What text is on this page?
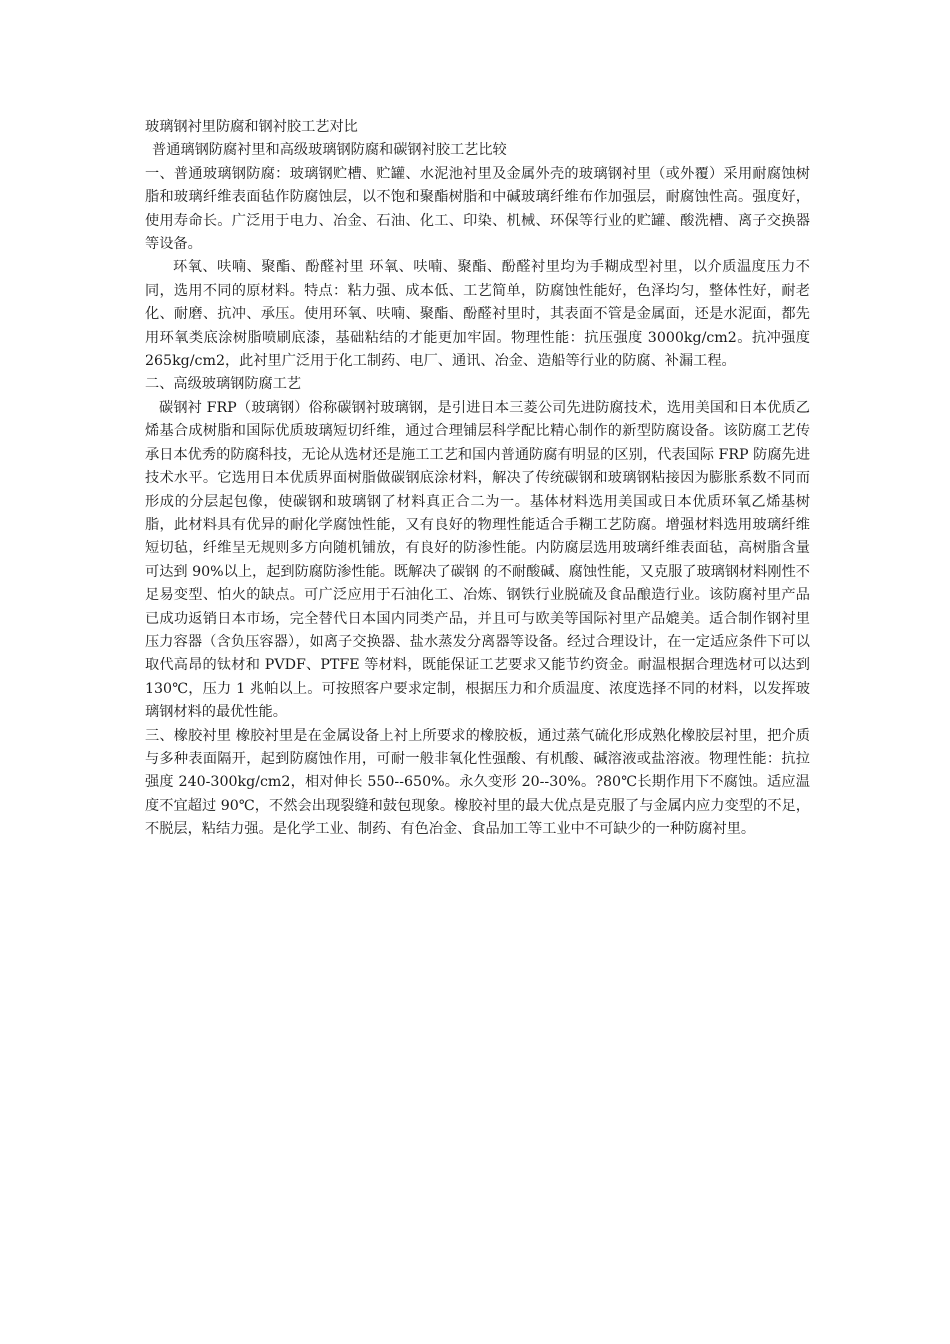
玻璃钢衬里防腐和钢衬胶工艺对比

普通璃钢防腐衬里和高级玻璃钢防腐和碳钢衬胶工艺比较

一、普通玻璃钢防腐：玻璃钢贮槽、贮罐、水泥池衬里及金属外壳的玻璃钢衬里（或外覆）采用耐腐蚀树脂和玻璃纤维表面毡作防腐蚀层，以不饱和聚酯树脂和中碱玻璃纤维布作加强层，耐腐蚀性高。强度好，使用寿命长。广泛用于电力、冶金、石油、化工、印染、机械、环保等行业的贮罐、酸洗槽、离子交换器等设备。

环氧、呋喃、聚酯、酚醛衬里 环氧、呋喃、聚酯、酚醛衬里均为手糊成型衬里，以介质温度压力不同，选用不同的原材料。特点：粘力强、成本低、工艺简单，防腐蚀性能好，色泽均匀，整体性好，耐老化、耐磨、抗冲、承压。使用环氧、呋喃、聚酯、酚醛衬里时，其表面不管是金属面，还是水泥面，都先用环氧类底涂树脂喷刷底漆，基础粘结的才能更加牢固。物理性能：抗压强度 3000kg/cm2。抗冲强度 265kg/cm2，此衬里广泛用于化工制药、电厂、通讯、冶金、造船等行业的防腐、补漏工程。

二、高级玻璃钢防腐工艺

碳钢衬 FRP（玻璃钢）俗称碳钢衬玻璃钢，是引进日本三菱公司先进防腐技术，选用美国和日本优质乙烯基合成树脂和国际优质玻璃短切纤维，通过合理铺层科学配比精心制作的新型防腐设备。该防腐工艺传承日本优秀的防腐科技，无论从选材还是施工工艺和国内普通防腐有明显的区别，代表国际 FRP 防腐先进技术水平。它选用日本优质界面树脂做碳钢底涂材料，解决了传统碳钢和玻璃钢粘接因为膨胀系数不同而形成的分层起包像，使碳钢和玻璃钢了材料真正合二为一。基体材料选用美国或日本优质环氧乙烯基树脂，此材料具有优异的耐化学腐蚀性能，又有良好的物理性能适合手糊工艺防腐。增强材料选用玻璃纤维短切毡，纤维呈无规则多方向随机铺放，有良好的防渗性能。内防腐层选用玻璃纤维表面毡，高树脂含量可达到 90%以上，起到防腐防渗性能。既解决了碳钢 的不耐酸碱、腐蚀性能，又克服了玻璃钢材料刚性不足易变型、怕火的缺点。可广泛应用于石油化工、冶炼、钢铁行业脱硫及食品酿造行业。该防腐衬里产品已成功返销日本市场，完全替代日本国内同类产品，并且可与欧美等国际衬里产品媲美。适合制作钢衬里压力容器（含负压容器），如离子交换器、盐水蒸发分离器等设备。经过合理设计，在一定适应条件下可以取代高昂的钛材和 PVDF、PTFE 等材料，既能保证工艺要求又能节约资金。耐温根据合理选材可以达到 130℃，压力 1 兆帕以上。可按照客户要求定制，根据压力和介质温度、浓度选择不同的材料，以发挥玻璃钢材料的最优性能。

三、橡胶衬里 橡胶衬里是在金属设备上衬上所要求的橡胶板，通过蒸气硫化形成熟化橡胶层衬里，把介质与多种表面隔开，起到防腐蚀作用，可耐一般非氧化性强酸、有机酸、碱溶液或盐溶液。物理性能：抗拉强度 240-300kg/cm2，相对伸长 550--650%。永久变形 20--30%。?80℃长期作用下不腐蚀。适应温度不宜超过 90℃，不然会出现裂缝和鼓包现象。橡胶衬里的最大优点是克服了与金属内应力变型的不足，不脱层，粘结力强。是化学工业、制药、有色冶金、食品加工等工业中不可缺少的一种防腐衬里。
